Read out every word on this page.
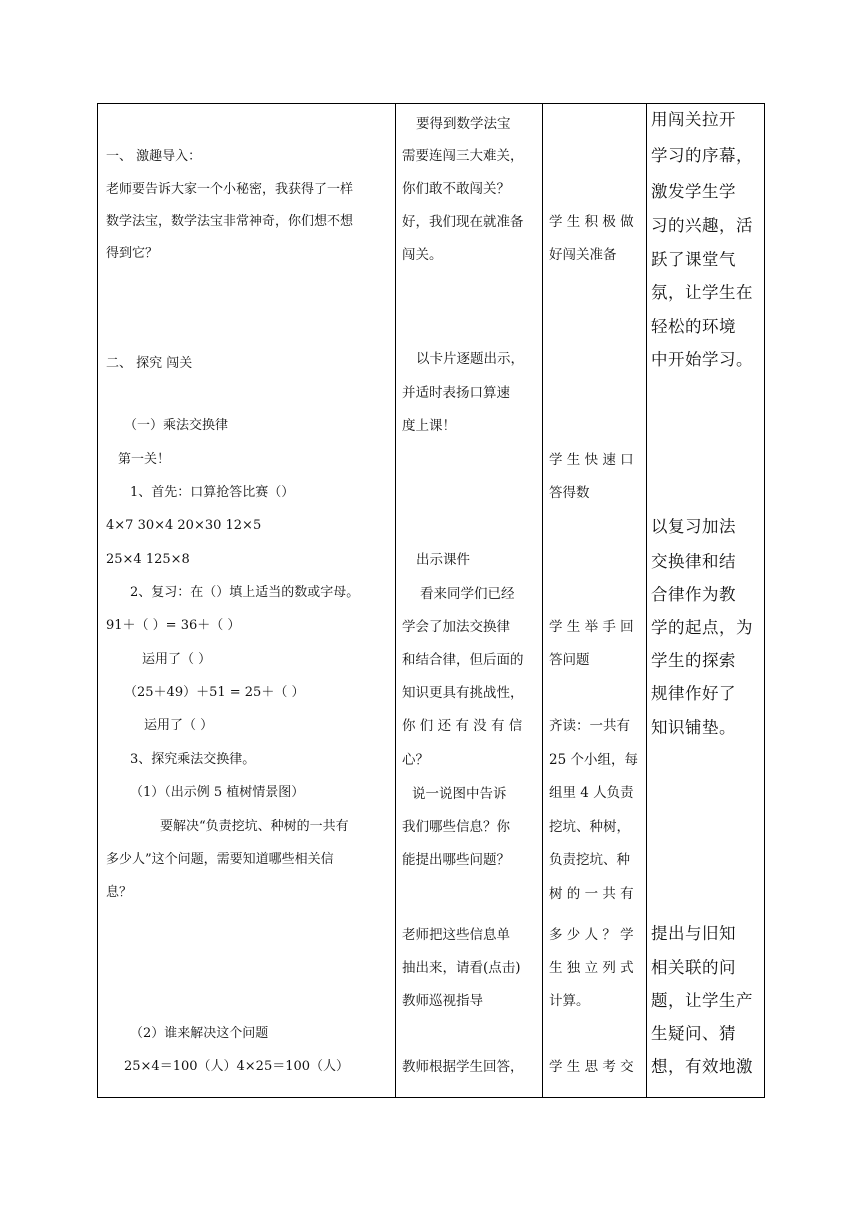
一、 激趣导入：
老师要告诉大家一个小秘密，我获得了一样
数学法宝，数学法宝非常神奇，你们想不想
得到它？
二、 探究 闯关
（一）乘法交换律
第一关！
1、首先：口算抢答比赛（）
4×7 30×4 20×30 12×5
25×4 125×8
2、复习：在（）填上适当的数或字母。
91＋（ ）= 36＋（ ）
运用了（ ）
（25＋49）＋51 = 25＋（ ）
运用了（ ）
3、探究乘法交换律。
（1）（出示例 5 植树情景图）
要解决“负责挖坑、种树的一共有
多少人”这个问题，需要知道哪些相关信
息？
（2）谁来解决这个问题
25×4＝100（人）4×25＝100（人）
要得到数学法宝
需要连闯三大难关，
你们敢不敢闯关？
好，我们现在就准备
闯关。
以卡片逐题出示，
并适时表扬口算速
度上课！
出示课件
看来同学们已经
学会了加法交换律
和结合律，但后面的
知识更具有挑战性，
你 们 还 有 没 有 信
心？
说一说图中告诉
我们哪些信息？你
能提出哪些问题？
老师把这些信息单
抽出来，请看(点击)
教师巡视指导
教师根据学生回答，
学 生 积 极 做
好闯关准备
学 生 快 速 口
答得数
学 生 举 手 回
答问题
齐读：一共有
25 个小组，每
组里 4 人负责
挖坑、种树，
负责挖坑、种
树 的 一 共 有
多 少 人 ？ 学
生 独 立 列 式
计算。
学 生 思 考 交
用闯关拉开
学习的序幕，
激发学生学
习的兴趣，活
跃了课堂气
氛，让学生在
轻松的环境
中开始学习。
以复习加法
交换律和结
合律作为教
学的起点，为
学生的探索
规律作好了
知识铺垫。
提出与旧知
相关联的问
题，让学生产
生疑问、猜
想，有效地激
